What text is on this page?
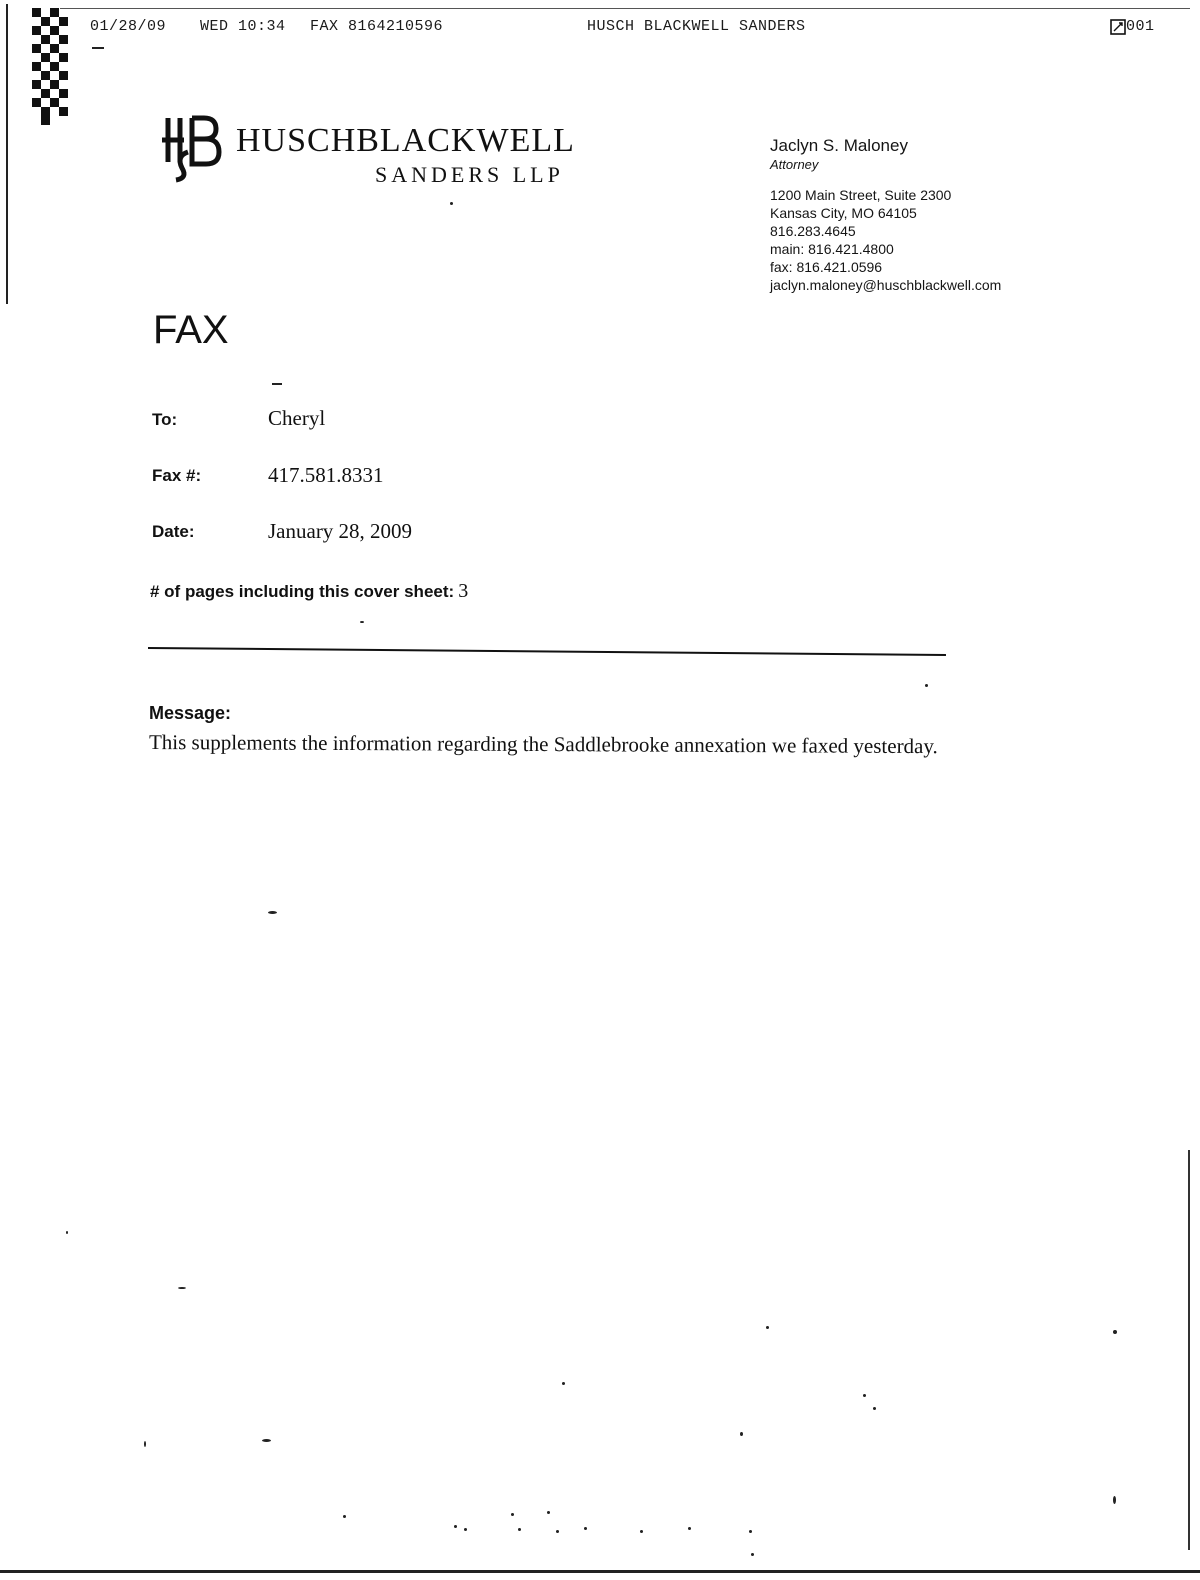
01/28/09 WED 10:34 FAX 8164210596	HUSCH BLACKWELL SANDERS	001
HUSCHBLACKWELL
SANDERS LLP
Jaclyn S. Maloney
Attorney
1200 Main Street, Suite 2300
Kansas City, MO 64105
816.283.4645
main: 816.421.4800
fax: 816.421.0596
jaclyn.maloney@huschblackwell.com
FAX
To:	Cheryl
Fax #:	417.581.8331
Date:	January 28, 2009
# of pages including this cover sheet: 3
Message:
This supplements the information regarding the Saddlebrooke annexation we faxed yesterday.
